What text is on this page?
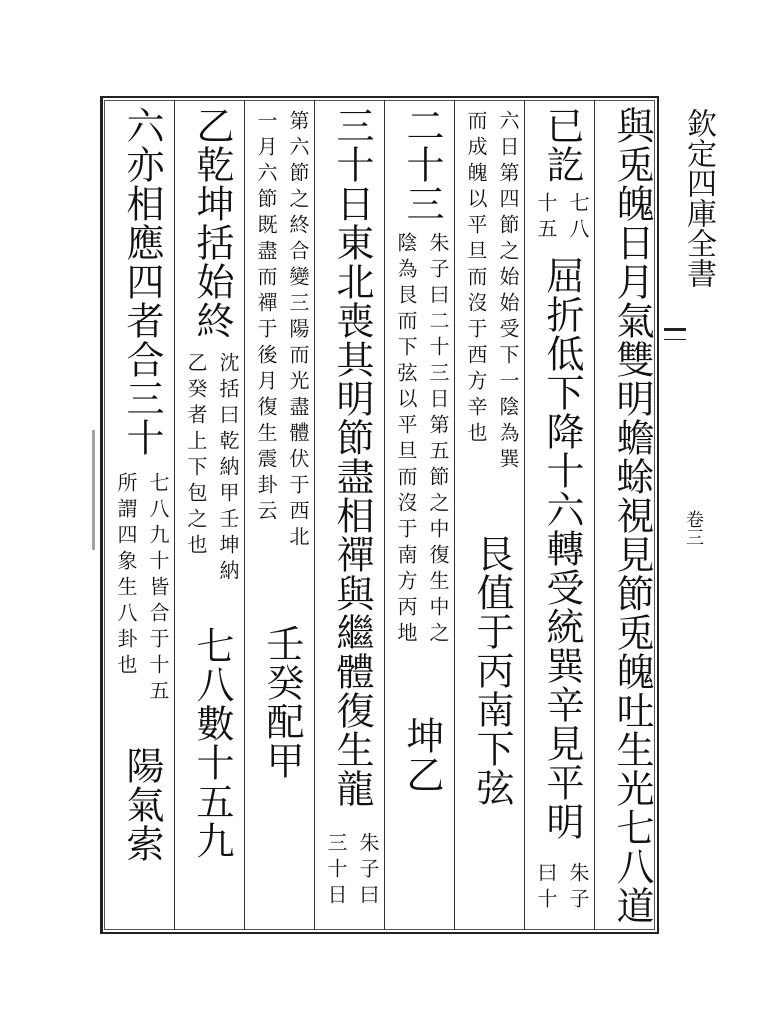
欽定四庫全書
卷三
與兎魄日月氣雙明蟾蜍視見節兎魄吐生光七八道
已訖
七八
十五
屈折低下降十六轉受統巽辛見平明
朱子
曰十
六日第四節之始始受下一陰為巽
而成魄以平旦而沒于西方辛也
艮值于丙南下弦
二十三
朱子曰二十三日第五節之中復生中之
陰為艮而下弦以平旦而沒于南方丙地
坤乙
三十日東北喪其明節盡相禪與繼體復生龍
朱子曰
三十日
第六節之終合變三陽而光盡體伏于西北
一月六節既盡而禪于後月復生震卦云
壬癸配甲
乙乾坤括始終
沈括曰乾納甲壬坤納
乙癸者上下包之也
七八數十五九
六亦相應四者合三十
七八九十皆合于十五
所謂四象生八卦也
陽氣索
